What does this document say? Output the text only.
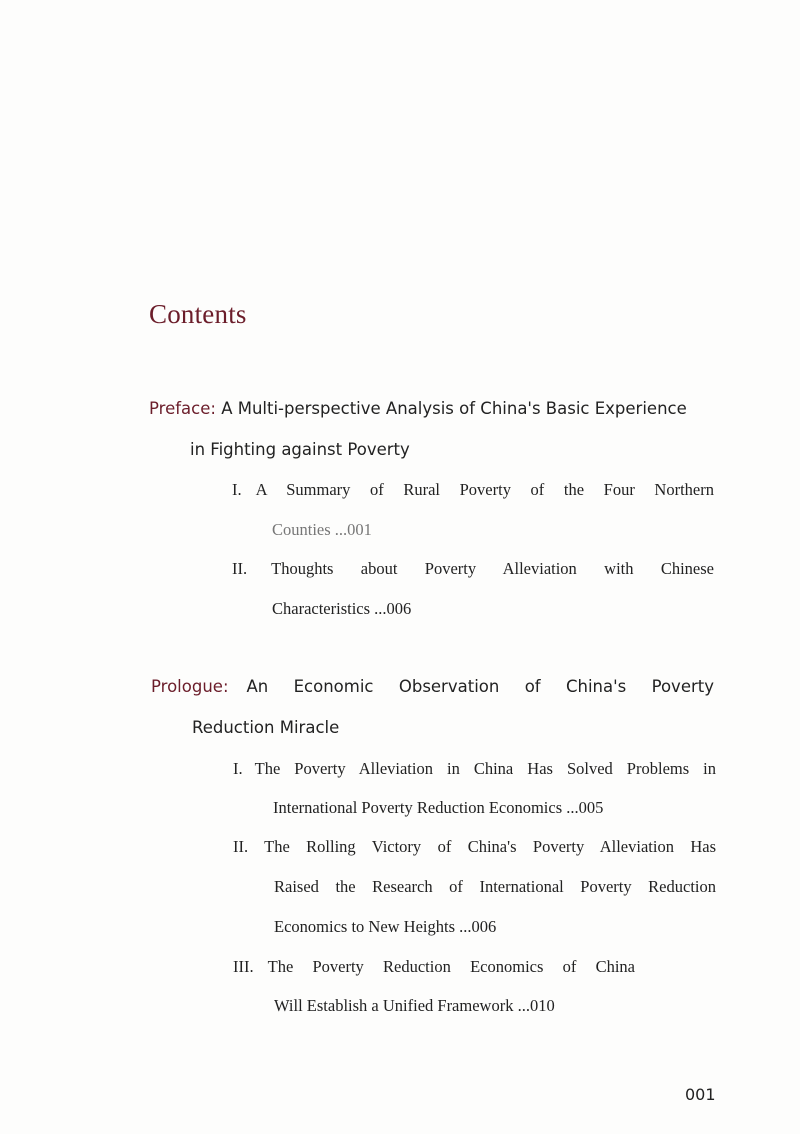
Contents
Preface: A Multi-perspective Analysis of China's Basic Experience
in Fighting against Poverty
I. A Summary of Rural Poverty of the Four Northern
Counties ...001
II. Thoughts about Poverty Alleviation with Chinese
Characteristics ...006
Prologue: An Economic Observation of China's Poverty
Reduction Miracle
I. The Poverty Alleviation in China Has Solved Problems in
International Poverty Reduction Economics ...005
II. The Rolling Victory of China's Poverty Alleviation Has
Raised the Research of International Poverty Reduction
Economics to New Heights ...006
III. The Poverty Reduction Economics of China
Will Establish a Unified Framework ...010
001
